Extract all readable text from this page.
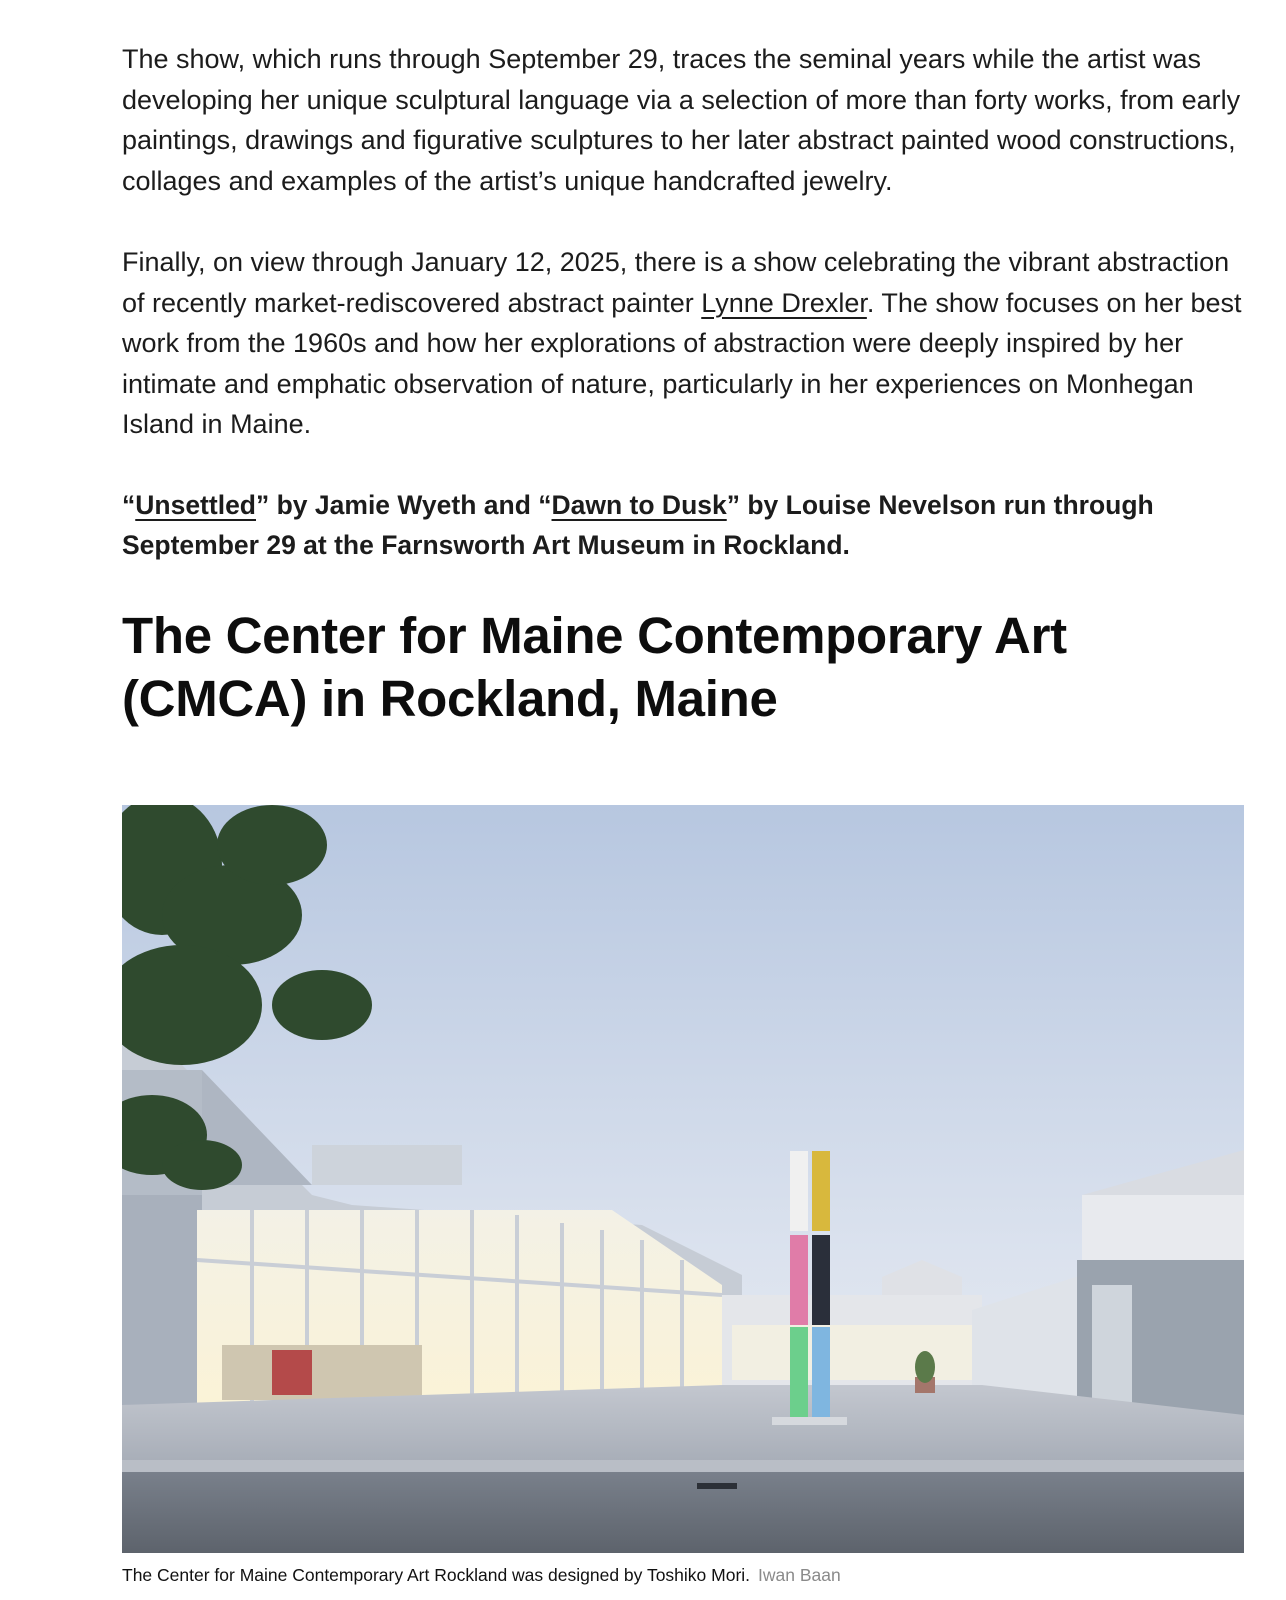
The show, which runs through September 29, traces the seminal years while the artist was developing her unique sculptural language via a selection of more than forty works, from early paintings, drawings and figurative sculptures to her later abstract painted wood constructions, collages and examples of the artist’s unique handcrafted jewelry.

Finally, on view through January 12, 2025, there is a show celebrating the vibrant abstraction of recently market-rediscovered abstract painter Lynne Drexler. The show focuses on her best work from the 1960s and how her explorations of abstraction were deeply inspired by her intimate and emphatic observation of nature, particularly in her experiences on Monhegan Island in Maine.

“Unsettled” by Jamie Wyeth and “Dawn to Dusk” by Louise Nevelson run through September 29 at the Farnsworth Art Museum in Rockland.

The Center for Maine Contemporary Art (CMCA) in Rockland, Maine
The Center for Maine Contemporary Art Rockland was designed by Toshiko Mori. Iwan Baan
